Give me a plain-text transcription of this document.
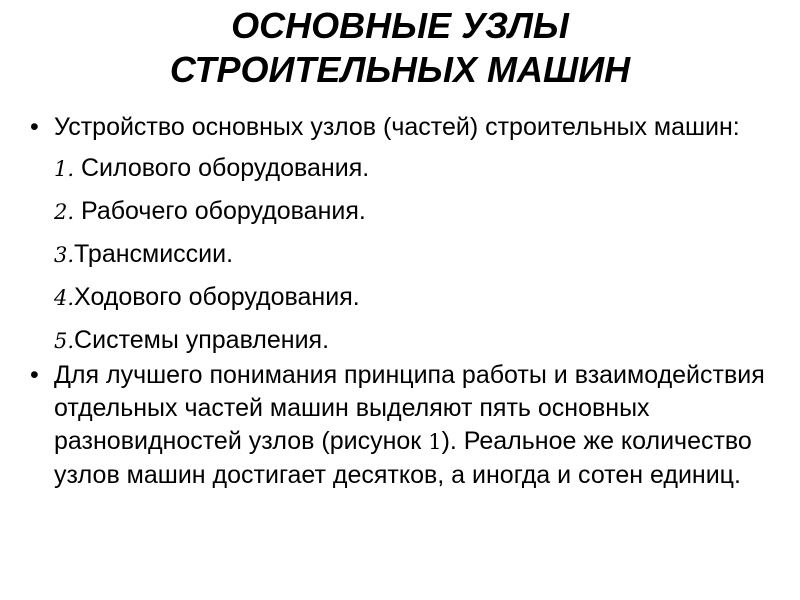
ОСНОВНЫЕ УЗЛЫ
СТРОИТЕЛЬНЫХ МАШИН
• Устройство основных узлов (частей) строительных машин:
1. Силового оборудования.
2. Рабочего оборудования.
3.Трансмиссии.
4.Ходового оборудования.
5.Системы управления.
• Для лучшего понимания принципа работы и взаимодействия отдельных частей машин выделяют пять основных разновидностей узлов (рисунок 1). Реальное же количество узлов машин достигает десятков, а иногда и сотен единиц.
